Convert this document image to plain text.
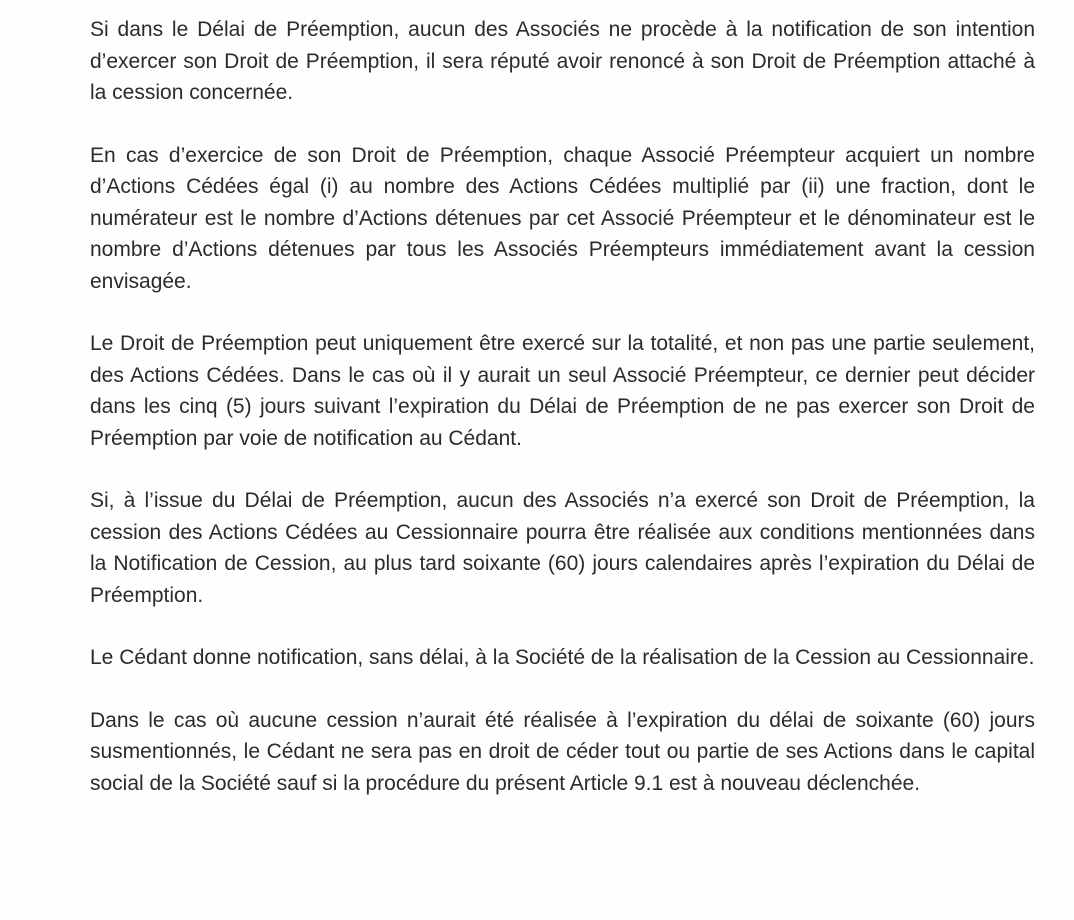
Si dans le Délai de Préemption, aucun des Associés ne procède à la notification de son intention d’exercer son Droit de Préemption, il sera réputé avoir renoncé à son Droit de Préemption attaché à la cession concernée.

En cas d’exercice de son Droit de Préemption, chaque Associé Préempteur acquiert un nombre d’Actions Cédées égal (i) au nombre des Actions Cédées multiplié par (ii) une fraction, dont le numérateur est le nombre d’Actions détenues par cet Associé Préempteur et le dénominateur est le nombre d’Actions détenues par tous les Associés Préempteurs immédiatement avant la cession envisagée.

Le Droit de Préemption peut uniquement être exercé sur la totalité, et non pas une partie seulement, des Actions Cédées. Dans le cas où il y aurait un seul Associé Préempteur, ce dernier peut décider dans les cinq (5) jours suivant l’expiration du Délai de Préemption de ne pas exercer son Droit de Préemption par voie de notification au Cédant.

Si, à l’issue du Délai de Préemption, aucun des Associés n’a exercé son Droit de Préemption, la cession des Actions Cédées au Cessionnaire pourra être réalisée aux conditions mentionnées dans la Notification de Cession, au plus tard soixante (60) jours calendaires après l’expiration du Délai de Préemption.

Le Cédant donne notification, sans délai, à la Société de la réalisation de la Cession au Cessionnaire.

Dans le cas où aucune cession n’aurait été réalisée à l’expiration du délai de soixante (60) jours susmentionnés, le Cédant ne sera pas en droit de céder tout ou partie de ses Actions dans le capital social de la Société sauf si la procédure du présent Article 9.1 est à nouveau déclenchée.
